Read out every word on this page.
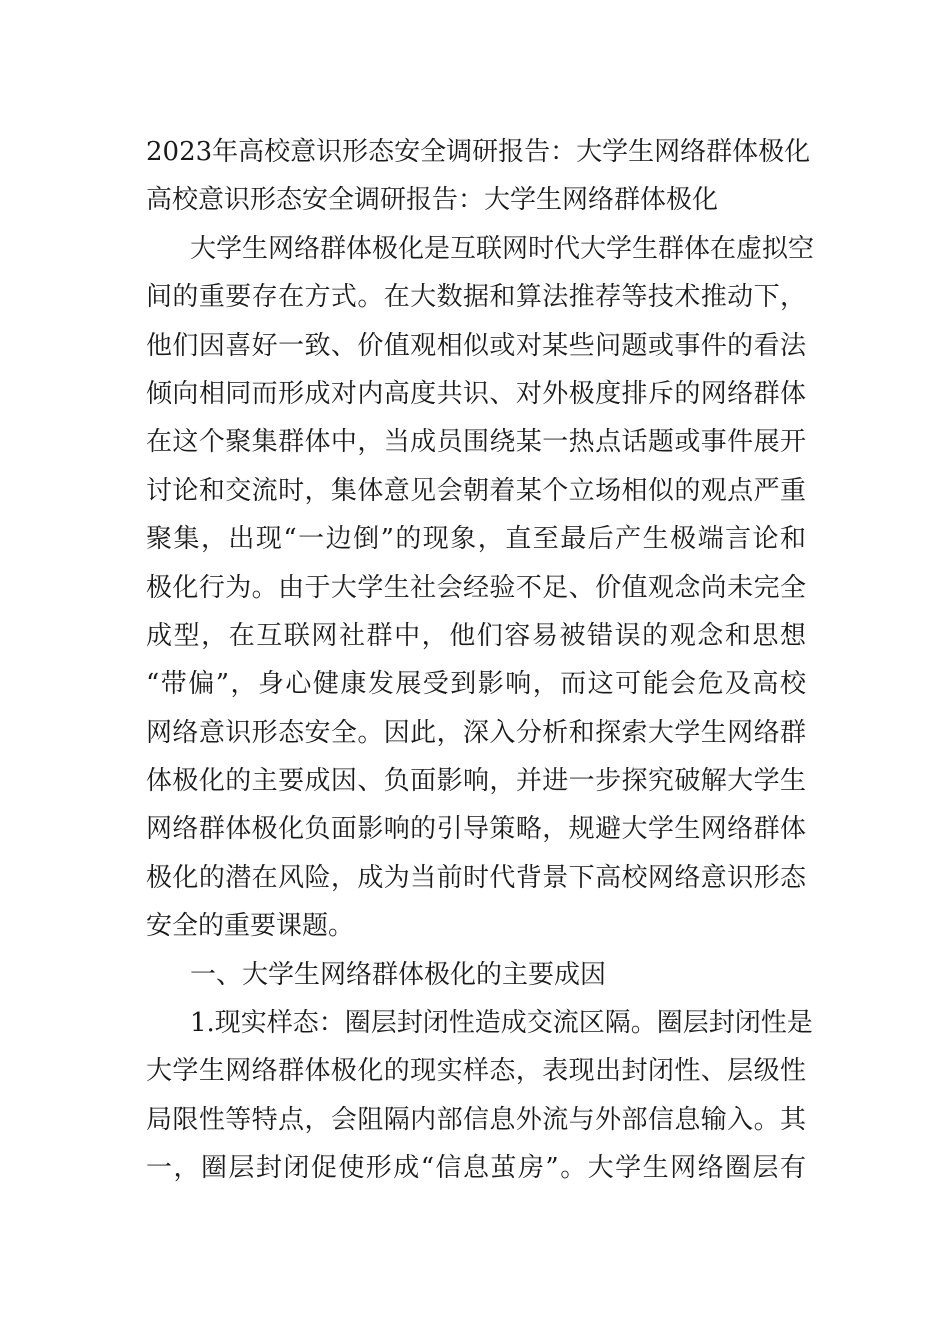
2023年高校意识形态安全调研报告：大学生网络群体极化
高校意识形态安全调研报告：大学生网络群体极化
大学生网络群体极化是互联网时代大学生群体在虚拟空
间的重要存在方式。在大数据和算法推荐等技术推动下，
他们因喜好一致、价值观相似或对某些问题或事件的看法
倾向相同而形成对内高度共识、对外极度排斥的网络群体
在这个聚集群体中，当成员围绕某一热点话题或事件展开
讨论和交流时，集体意见会朝着某个立场相似的观点严重
聚集，出现“一边倒”的现象，直至最后产生极端言论和
极化行为。由于大学生社会经验不足、价值观念尚未完全
成型，在互联网社群中，他们容易被错误的观念和思想
“带偏”，身心健康发展受到影响，而这可能会危及高校
网络意识形态安全。因此，深入分析和探索大学生网络群
体极化的主要成因、负面影响，并进一步探究破解大学生
网络群体极化负面影响的引导策略，规避大学生网络群体
极化的潜在风险，成为当前时代背景下高校网络意识形态
安全的重要课题。
一、大学生网络群体极化的主要成因
1.现实样态：圈层封闭性造成交流区隔。圈层封闭性是
大学生网络群体极化的现实样态，表现出封闭性、层级性
局限性等特点，会阻隔内部信息外流与外部信息输入。其
一，圈层封闭促使形成“信息茧房”。大学生网络圈层有
